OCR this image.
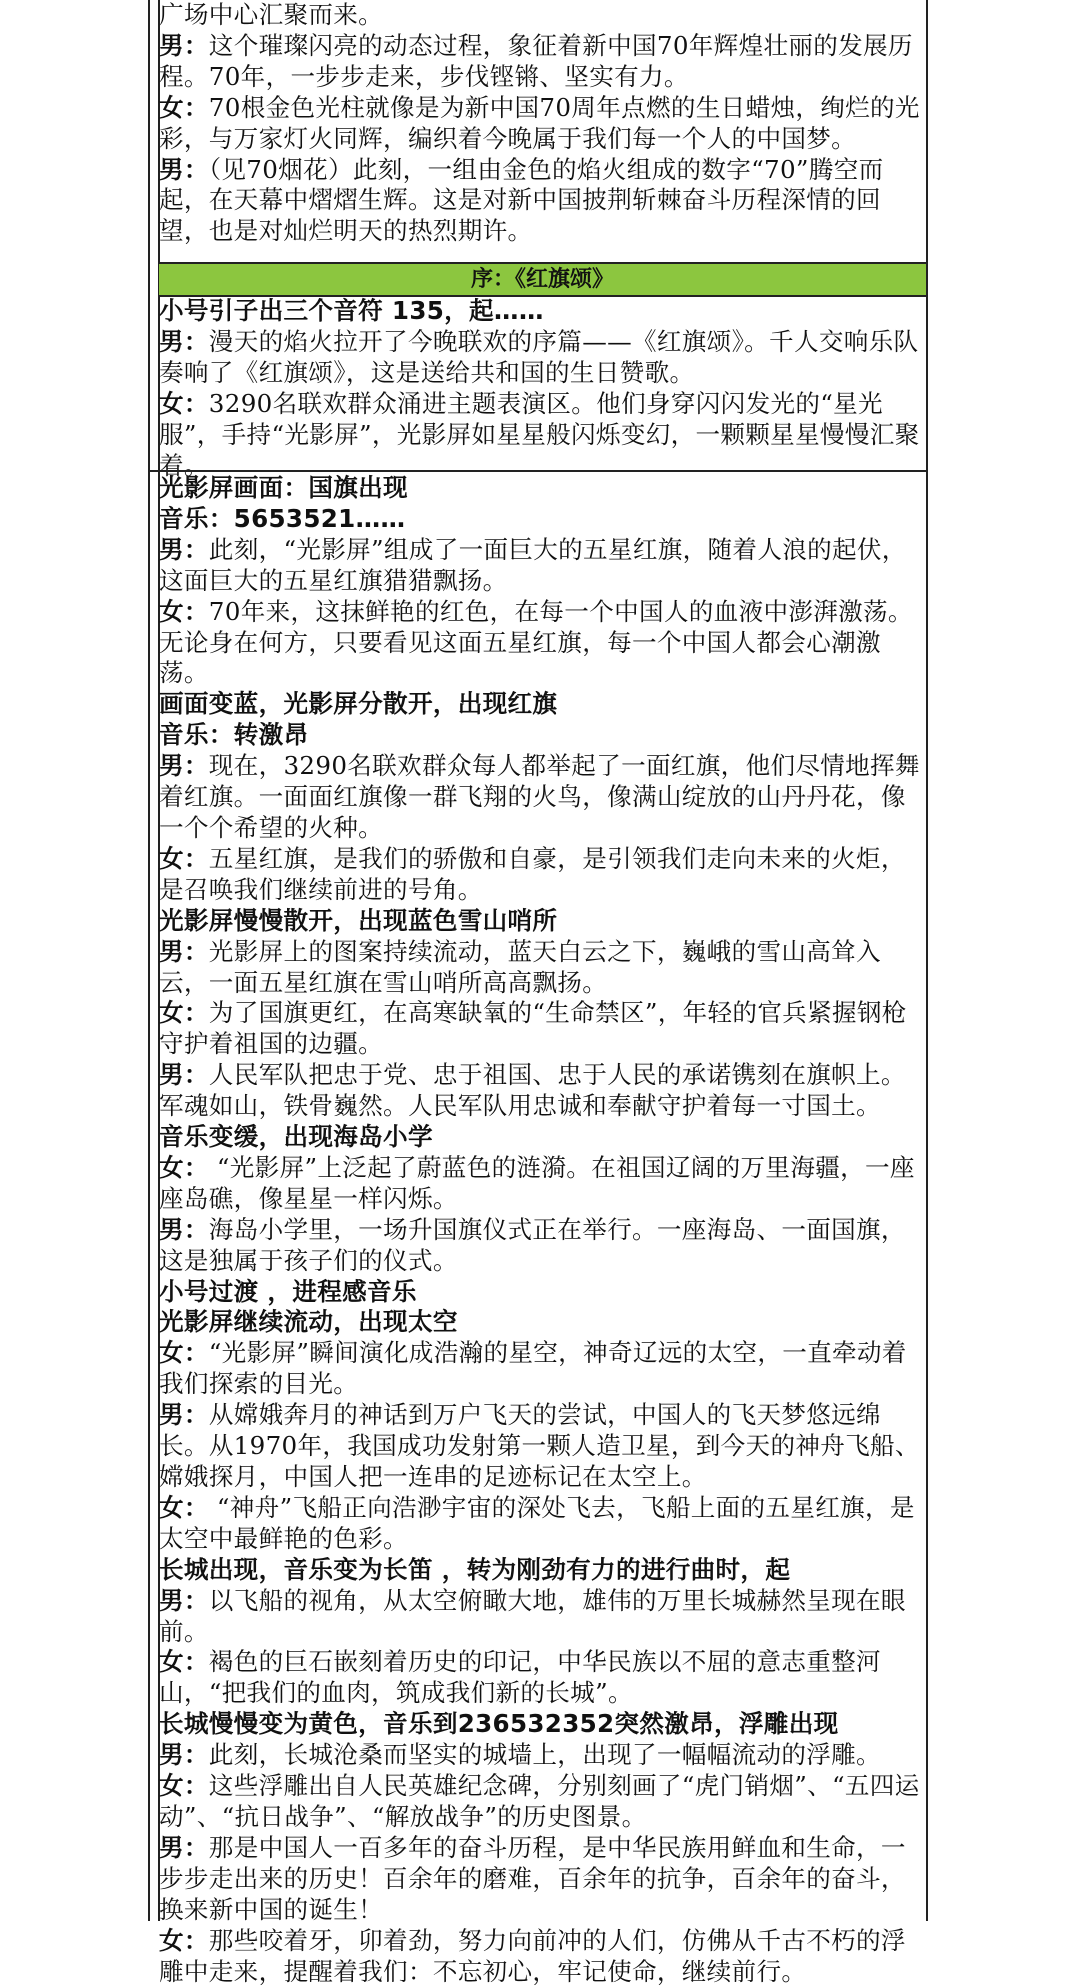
广场中心汇聚而来。

男：这个璀璨闪亮的动态过程，象征着新中国70年辉煌壮丽的发展历程。70年，一步步走来，步伐铿锵、坚实有力。

女：70根金色光柱就像是为新中国70周年点燃的生日蜡烛，绚烂的光彩，与万家灯火同辉，编织着今晚属于我们每一个人的中国梦。

男：（见70烟花）此刻，一组由金色的焰火组成的数字“70”腾空而起，在天幕中熠熠生辉。这是对新中国披荆斩棘奋斗历程深情的回望，也是对灿烂明天的热烈期许。

序：《红旗颂》

小号引子出三个音符 135，起……

男：漫天的焰火拉开了今晚联欢的序篇——《红旗颂》。千人交响乐队奏响了《红旗颂》，这是送给共和国的生日赞歌。

女：3290名联欢群众涌进主题表演区。他们身穿闪闪发光的“星光服”，手持“光影屏”，光影屏如星星般闪烁变幻，一颗颗星星慢慢汇聚着。

光影屏画面：国旗出现

音乐：5653521……

男：此刻，“光影屏”组成了一面巨大的五星红旗，随着人浪的起伏，这面巨大的五星红旗猎猎飘扬。

女：70年来，这抹鲜艳的红色，在每一个中国人的血液中澎湃激荡。无论身在何方，只要看见这面五星红旗，每一个中国人都会心潮激荡。

画面变蓝，光影屏分散开，出现红旗

音乐：转激昂

男：现在，3290名联欢群众每人都举起了一面红旗，他们尽情地挥舞着红旗。一面面红旗像一群飞翔的火鸟，像满山绽放的山丹丹花，像一个个希望的火种。

女：五星红旗，是我们的骄傲和自豪，是引领我们走向未来的火炬，是召唤我们继续前进的号角。

光影屏慢慢散开，出现蓝色雪山哨所

男：光影屏上的图案持续流动，蓝天白云之下，巍峨的雪山高耸入云，一面五星红旗在雪山哨所高高飘扬。

女：为了国旗更红，在高寒缺氧的“生命禁区”，年轻的官兵紧握钢枪守护着祖国的边疆。

男：人民军队把忠于党、忠于祖国、忠于人民的承诺镌刻在旗帜上。军魂如山，铁骨巍然。人民军队用忠诚和奉献守护着每一寸国土。

音乐变缓，出现海岛小学

女： “光影屏”上泛起了蔚蓝色的涟漪。在祖国辽阔的万里海疆，一座座岛礁，像星星一样闪烁。

男：海岛小学里，一场升国旗仪式正在举行。一座海岛、一面国旗，这是独属于孩子们的仪式。

小号过渡 ，进程感音乐

光影屏继续流动，出现太空

女：“光影屏”瞬间演化成浩瀚的星空，神奇辽远的太空，一直牵动着我们探索的目光。

男：从嫦娥奔月的神话到万户飞天的尝试，中国人的飞天梦悠远绵长。从1970年，我国成功发射第一颗人造卫星，到今天的神舟飞船、嫦娥探月，中国人把一连串的足迹标记在太空上。

女： “神舟”飞船正向浩渺宇宙的深处飞去，飞船上面的五星红旗，是太空中最鲜艳的色彩。

长城出现，音乐变为长笛 ，转为刚劲有力的进行曲时，起

男：以飞船的视角，从太空俯瞰大地，雄伟的万里长城赫然呈现在眼前。

女：褐色的巨石嵌刻着历史的印记，中华民族以不屈的意志重整河山，“把我们的血肉，筑成我们新的长城”。

长城慢慢变为黄色，音乐到236532352突然激昂，浮雕出现

男：此刻，长城沧桑而坚实的城墙上，出现了一幅幅流动的浮雕。

女：这些浮雕出自人民英雄纪念碑，分别刻画了“虎门销烟”、“五四运动”、“抗日战争”、“解放战争”的历史图景。

男：那是中国人一百多年的奋斗历程，是中华民族用鲜血和生命，一步步走出来的历史！百余年的磨难，百余年的抗争，百余年的奋斗，换来新中国的诞生！

女：那些咬着牙，卯着劲，努力向前冲的人们，仿佛从千古不朽的浮雕中走来，提醒着我们：不忘初心，牢记使命，继续前行。
